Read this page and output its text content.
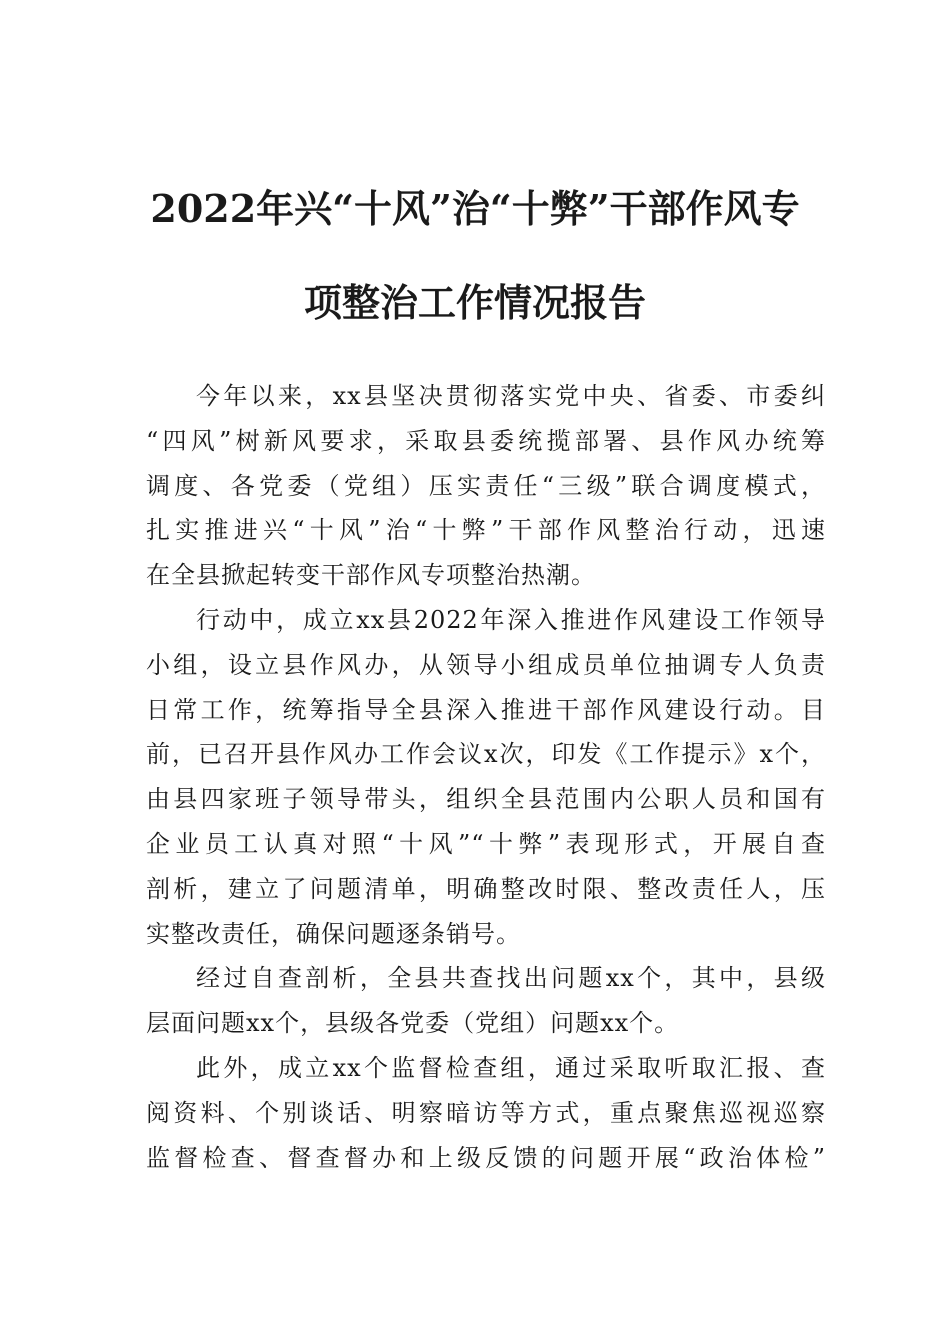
2022年兴“十风”治“十弊”干部作风专
项整治工作情况报告
今年以来，xx县坚决贯彻落实党中央、省委、市委纠
“四风”树新风要求，采取县委统揽部署、县作风办统筹
调度、各党委（党组）压实责任“三级”联合调度模式，
扎实推进兴“十风”治“十弊”干部作风整治行动，迅速
在全县掀起转变干部作风专项整治热潮。
行动中，成立xx县2022年深入推进作风建设工作领导
小组，设立县作风办，从领导小组成员单位抽调专人负责
日常工作，统筹指导全县深入推进干部作风建设行动。目
前，已召开县作风办工作会议x次，印发《工作提示》x个，
由县四家班子领导带头，组织全县范围内公职人员和国有
企业员工认真对照“十风”“十弊”表现形式，开展自查
剖析，建立了问题清单，明确整改时限、整改责任人，压
实整改责任，确保问题逐条销号。
经过自查剖析，全县共查找出问题xx个，其中，县级
层面问题xx个，县级各党委（党组）问题xx个。
此外，成立xx个监督检查组，通过采取听取汇报、查
阅资料、个别谈话、明察暗访等方式，重点聚焦巡视巡察
监督检查、督查督办和上级反馈的问题开展“政治体检”
